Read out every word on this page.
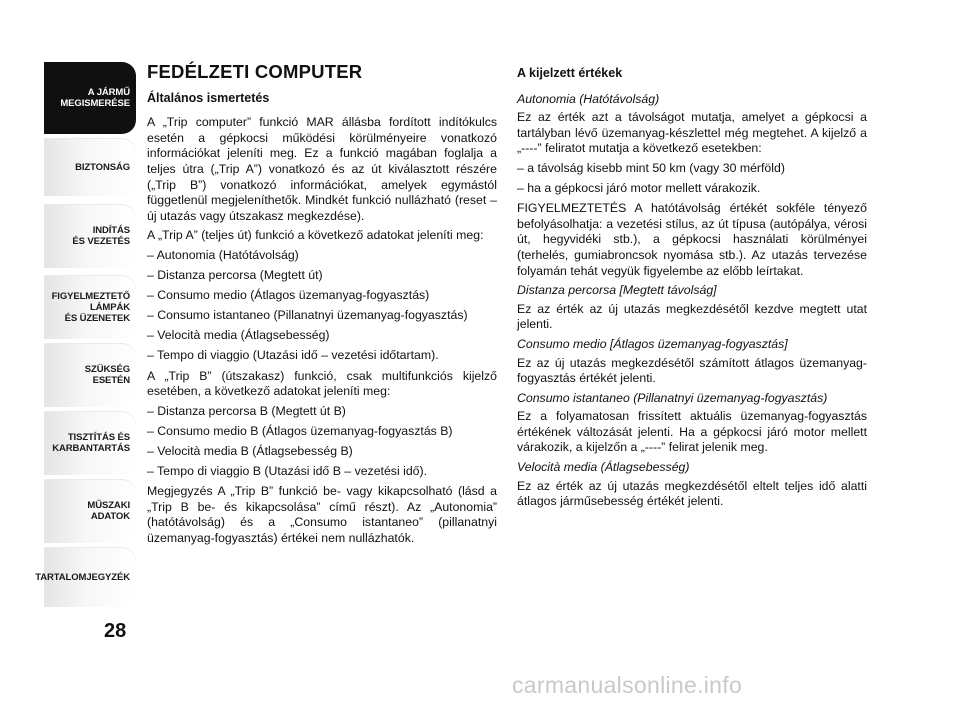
A JÁRMŰ
MEGISMERÉSE
BIZTONSÁG
INDÍTÁS
ÉS VEZETÉS
FIGYELMEZTETŐ
LÁMPÁK
ÉS ÜZENETEK
SZÜKSÉG
ESETÉN
TISZTÍTÁS ÉS
KARBANTARTÁS
MŰSZAKI
ADATOK
TARTALOMJEGYZÉK
28
FEDÉLZETI COMPUTER
Általános ismertetés

A „Trip computer” funkció MAR állásba fordított indítókulcs esetén a gépkocsi működési körülményeire vonatkozó információkat jeleníti meg. Ez a funkció magában foglalja a teljes útra („Trip A”) vonatkozó és az út kiválasztott részére („Trip B”) vonatkozó információkat, amelyek egymástól függetlenül megjeleníthetők. Mindkét funkció nullázható (reset – új utazás vagy útszakasz megkezdése).

A „Trip A” (teljes út) funkció a következő adatokat jeleníti meg:

– Autonomia (Hatótávolság)
– Distanza percorsa (Megtett út)
– Consumo medio (Átlagos üzemanyag-fogyasztás)
– Consumo istantaneo (Pillanatnyi üzemanyag-fogyasztás)
– Velocità media (Átlagsebesség)
– Tempo di viaggio (Utazási idő – vezetési időtartam).

A „Trip B” (útszakasz) funkció, csak multifunkciós kijelző esetében, a következő adatokat jeleníti meg:

– Distanza percorsa B (Megtett út B)
– Consumo medio B (Átlagos üzemanyag-fogyasztás B)
– Velocità media B (Átlagsebesség B)
– Tempo di viaggio B (Utazási idő B – vezetési idő).

Megjegyzés A „Trip B” funkció be- vagy kikapcsolható (lásd a „Trip B be- és kikapcsolása” című részt). Az „Autonomia” (hatótávolság) és a „Consumo istantaneo” (pillanatnyi üzemanyag-fogyasztás) értékei nem nullázhatók.

A kijelzett értékek

Autonomia (Hatótávolság)

Ez az érték azt a távolságot mutatja, amelyet a gépkocsi a tartályban lévő üzemanyag-készlettel még megtehet. A kijelző a „----” feliratot mutatja a következő esetekben:

– a távolság kisebb mint 50 km (vagy 30 mérföld)
– ha a gépkocsi járó motor mellett várakozik.

FIGYELMEZTETÉS A hatótávolság értékét sokféle tényező befolyásolhatja: a vezetési stílus, az út típusa (autópálya, vérosi út, hegyvidéki stb.), a gépkocsi használati körülményei (terhelés, gumiabroncsok nyomása stb.). Az utazás tervezése folyamán tehát vegyük figyelembe az előbb leírtakat.

Distanza percorsa [Megtett távolság]

Ez az érték az új utazás megkezdésétől kezdve megtett utat jelenti.

Consumo medio [Átlagos üzemanyag-fogyasztás]

Ez az új utazás megkezdésétől számított átlagos üzemanyag-fogyasztás értékét jelenti.

Consumo istantaneo (Pillanatnyi üzemanyag-fogyasztás)

Ez a folyamatosan frissített aktuális üzemanyag-fogyasztás értékének változását jelenti. Ha a gépkocsi járó motor mellett várakozik, a kijelzőn a „----” felirat jelenik meg.

Velocità media (Átlagsebesség)

Ez az érték az új utazás megkezdésétől eltelt teljes idő alatti átlagos járműsebesség értékét jelenti.

carmanualsonline.info
